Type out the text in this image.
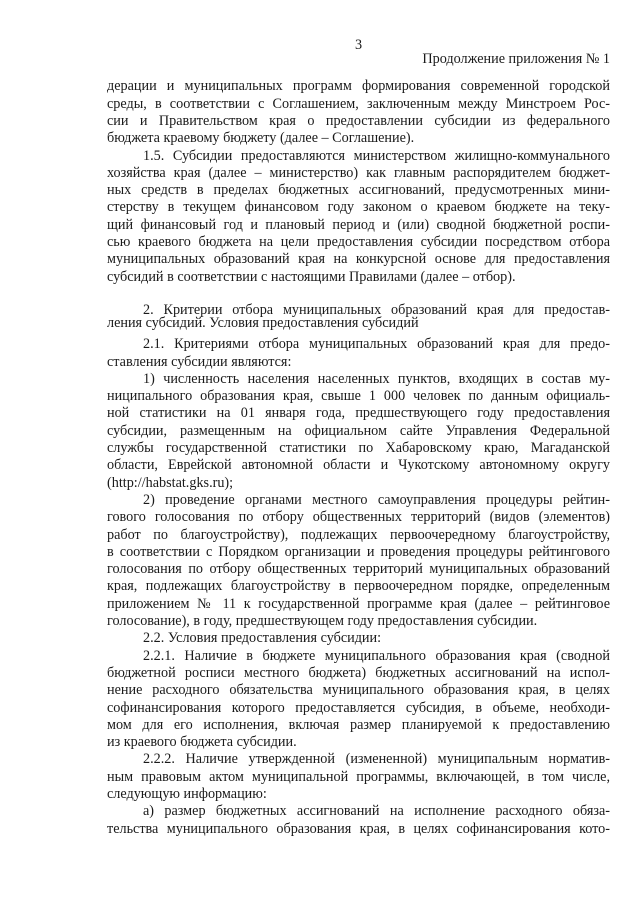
3
Продолжение приложения № 1
дерации и муниципальных программ формирования современной городской
среды, в соответствии с Соглашением, заключенным между Минстроем Рос-
сии и Правительством края о предоставлении субсидии из федерального
бюджета краевому бюджету (далее – Соглашение).
1.5. Субсидии предоставляются министерством жилищно-коммунального
хозяйства края (далее – министерство) как главным распорядителем бюджет-
ных средств в пределах бюджетных ассигнований, предусмотренных мини-
стерству в текущем финансовом году законом о краевом бюджете на теку-
щий финансовый год и плановый период и (или) сводной бюджетной роспи-
сью краевого бюджета на цели предоставления субсидии посредством отбора
муниципальных образований края на конкурсной основе для предоставления
субсидий в соответствии с настоящими Правилами (далее – отбор).
2. Критерии отбора муниципальных образований края для предостав-
ления субсидий. Условия предоставления субсидий
2.1. Критериями отбора муниципальных образований края для предо-
ставления субсидии являются:
1) численность населения населенных пунктов, входящих в состав му-
ниципального образования края, свыше 1 000 человек по данным официаль-
ной статистики на 01 января года, предшествующего году предоставления
субсидии, размещенным на официальном сайте Управления Федеральной
службы государственной статистики по Хабаровскому краю, Магаданской
области, Еврейской автономной области и Чукотскому автономному округу
(http://habstat.gks.ru);
2) проведение органами местного самоуправления процедуры рейтин-
гового голосования по отбору общественных территорий (видов (элементов)
работ по благоустройству), подлежащих первоочередному благоустройству,
в соответствии с Порядком организации и проведения процедуры рейтингового
голосования по отбору общественных территорий муниципальных образований
края, подлежащих благоустройству в первоочередном порядке, определенным
приложением № 11 к государственной программе края (далее – рейтинговое
голосование), в году, предшествующем году предоставления субсидии.
2.2. Условия предоставления субсидии:
2.2.1. Наличие в бюджете муниципального образования края (сводной
бюджетной росписи местного бюджета) бюджетных ассигнований на испол-
нение расходного обязательства муниципального образования края, в целях
софинансирования которого предоставляется субсидия, в объеме, необходи-
мом для его исполнения, включая размер планируемой к предоставлению
из краевого бюджета субсидии.
2.2.2. Наличие утвержденной (измененной) муниципальным норматив-
ным правовым актом муниципальной программы, включающей, в том числе,
следующую информацию:
а) размер бюджетных ассигнований на исполнение расходного обяза-
тельства муниципального образования края, в целях софинансирования кото-
